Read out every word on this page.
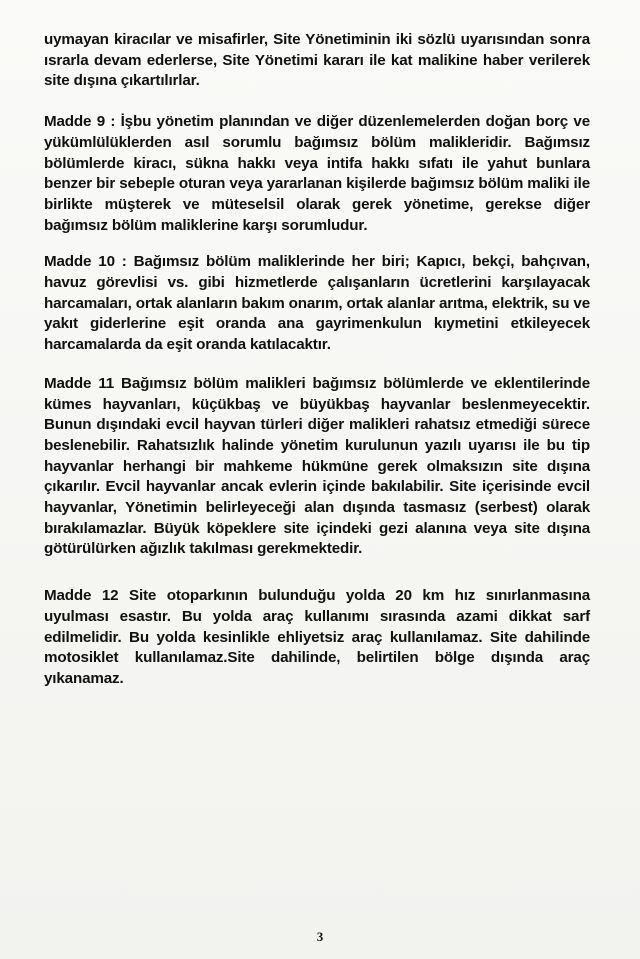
uymayan kiracılar ve misafirler, Site Yönetiminin iki sözlü uyarısından sonra ısrarla devam ederlerse, Site Yönetimi kararı ile kat malikine haber verilerek site dışına çıkartılırlar.

Madde 9 : İşbu yönetim planından ve diğer düzenlemelerden doğan borç ve yükümlülüklerden asıl sorumlu bağımsız bölüm malikleridir. Bağımsız bölümlerde kiracı, sükna hakkı veya intifa hakkı sıfatı ile yahut bunlara benzer bir sebeple oturan veya yararlanan kişilerde bağımsız bölüm maliki ile birlikte müşterek ve müteselsil olarak gerek yönetime, gerekse diğer bağımsız bölüm maliklerine karşı sorumludur.

Madde 10 : Bağımsız bölüm maliklerinde her biri; Kapıcı, bekçi, bahçıvan, havuz görevlisi vs. gibi hizmetlerde çalışanların ücretlerini karşılayacak harcamaları, ortak alanların bakım onarım, ortak alanlar arıtma, elektrik, su ve yakıt giderlerine eşit oranda ana gayrimenkulun kıymetini etkileyecek harcamalarda da eşit oranda katılacaktır.

Madde 11 Bağımsız bölüm malikleri bağımsız bölümlerde ve eklentilerinde kümes hayvanları, küçükbaş ve büyükbaş hayvanlar beslenmeyecektir. Bunun dışındaki evcil hayvan türleri diğer malikleri rahatsız etmediği sürece beslenebilir. Rahatsızlık halinde yönetim kurulunun yazılı uyarısı ile bu tip hayvanlar herhangi bir mahkeme hükmüne gerek olmaksızın site dışına çıkarılır. Evcil hayvanlar ancak evlerin içinde bakılabilir. Site içerisinde evcil hayvanlar, Yönetimin belirleyeceği alan dışında tasmasız (serbest) olarak bırakılamazlar. Büyük köpeklere site içindeki gezi alanına veya site dışına götürülürken ağızlık takılması gerekmektedir.

Madde 12 Site otoparkının bulunduğu yolda 20 km hız sınırlanmasına uyulması esastır. Bu yolda araç kullanımı sırasında azami dikkat sarf edilmelidir. Bu yolda kesinlikle ehliyetsiz araç kullanılamaz. Site dahilinde motosiklet kullanılamaz.Site dahilinde, belirtilen bölge dışında araç yıkanamaz.

3
